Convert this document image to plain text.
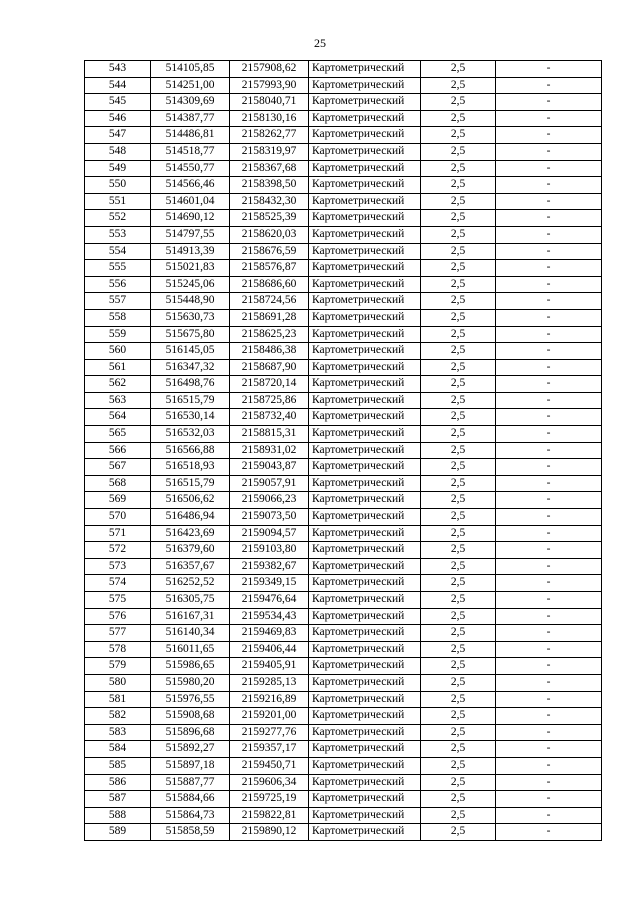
25
543	514105,85	2157908,62	Картометрический	2,5	-
544	514251,00	2157993,90	Картометрический	2,5	-
545	514309,69	2158040,71	Картометрический	2,5	-
546	514387,77	2158130,16	Картометрический	2,5	-
547	514486,81	2158262,77	Картометрический	2,5	-
548	514518,77	2158319,97	Картометрический	2,5	-
549	514550,77	2158367,68	Картометрический	2,5	-
550	514566,46	2158398,50	Картометрический	2,5	-
551	514601,04	2158432,30	Картометрический	2,5	-
552	514690,12	2158525,39	Картометрический	2,5	-
553	514797,55	2158620,03	Картометрический	2,5	-
554	514913,39	2158676,59	Картометрический	2,5	-
555	515021,83	2158576,87	Картометрический	2,5	-
556	515245,06	2158686,60	Картометрический	2,5	-
557	515448,90	2158724,56	Картометрический	2,5	-
558	515630,73	2158691,28	Картометрический	2,5	-
559	515675,80	2158625,23	Картометрический	2,5	-
560	516145,05	2158486,38	Картометрический	2,5	-
561	516347,32	2158687,90	Картометрический	2,5	-
562	516498,76	2158720,14	Картометрический	2,5	-
563	516515,79	2158725,86	Картометрический	2,5	-
564	516530,14	2158732,40	Картометрический	2,5	-
565	516532,03	2158815,31	Картометрический	2,5	-
566	516566,88	2158931,02	Картометрический	2,5	-
567	516518,93	2159043,87	Картометрический	2,5	-
568	516515,79	2159057,91	Картометрический	2,5	-
569	516506,62	2159066,23	Картометрический	2,5	-
570	516486,94	2159073,50	Картометрический	2,5	-
571	516423,69	2159094,57	Картометрический	2,5	-
572	516379,60	2159103,80	Картометрический	2,5	-
573	516357,67	2159382,67	Картометрический	2,5	-
574	516252,52	2159349,15	Картометрический	2,5	-
575	516305,75	2159476,64	Картометрический	2,5	-
576	516167,31	2159534,43	Картометрический	2,5	-
577	516140,34	2159469,83	Картометрический	2,5	-
578	516011,65	2159406,44	Картометрический	2,5	-
579	515986,65	2159405,91	Картометрический	2,5	-
580	515980,20	2159285,13	Картометрический	2,5	-
581	515976,55	2159216,89	Картометрический	2,5	-
582	515908,68	2159201,00	Картометрический	2,5	-
583	515896,68	2159277,76	Картометрический	2,5	-
584	515892,27	2159357,17	Картометрический	2,5	-
585	515897,18	2159450,71	Картометрический	2,5	-
586	515887,77	2159606,34	Картометрический	2,5	-
587	515884,66	2159725,19	Картометрический	2,5	-
588	515864,73	2159822,81	Картометрический	2,5	-
589	515858,59	2159890,12	Картометрический	2,5	-
